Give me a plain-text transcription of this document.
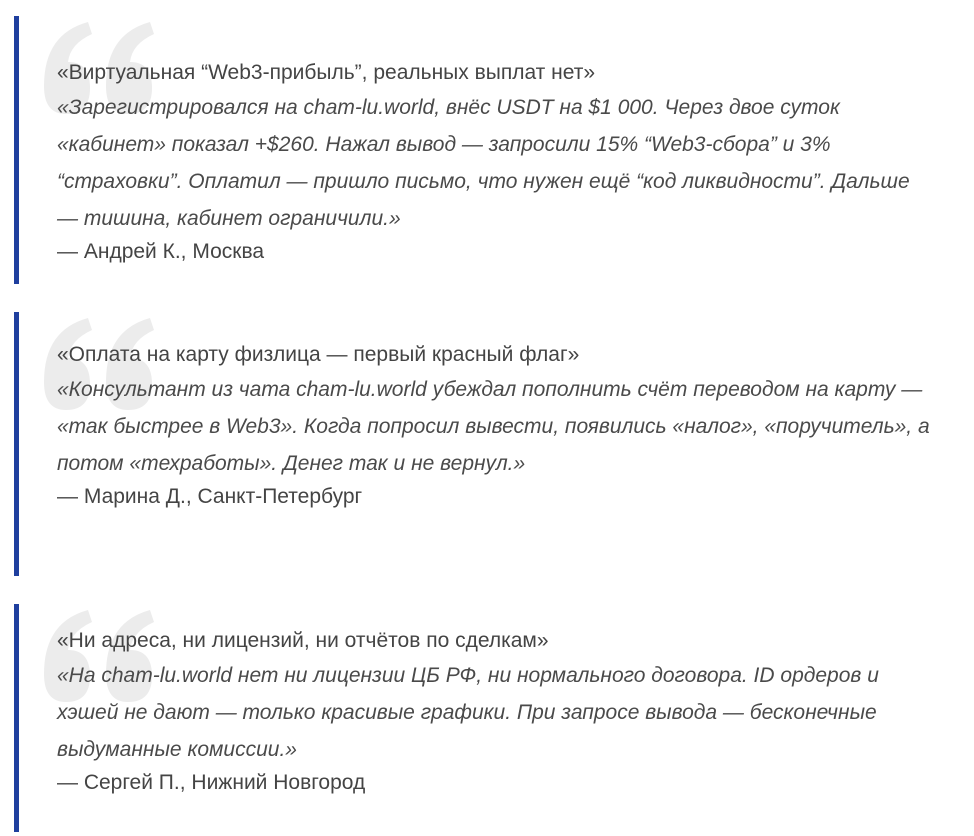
«Виртуальная “Web3-прибыль”, реальных выплат нет»

«Зарегистрировался на cham-lu.world, внёс USDT на $1 000. Через двое суток «кабинет» показал +$260. Нажал вывод — запросили 15% “Web3-сбора” и 3% “страховки”. Оплатил — пришло письмо, что нужен ещё “код ликвидности”. Дальше — тишина, кабинет ограничили.»

— Андрей К., Москва

«Оплата на карту физлица — первый красный флаг»

«Консультант из чата cham-lu.world убеждал пополнить счёт переводом на карту — «так быстрее в Web3». Когда попросил вывести, появились «налог», «поручитель», а потом «техработы». Денег так и не вернул.»

— Марина Д., Санкт-Петербург

«Ни адреса, ни лицензий, ни отчётов по сделкам»

«На cham-lu.world нет ни лицензии ЦБ РФ, ни нормального договора. ID ордеров и хэшей не дают — только красивые графики. При запросе вывода — бесконечные выдуманные комиссии.»

— Сергей П., Нижний Новгород
